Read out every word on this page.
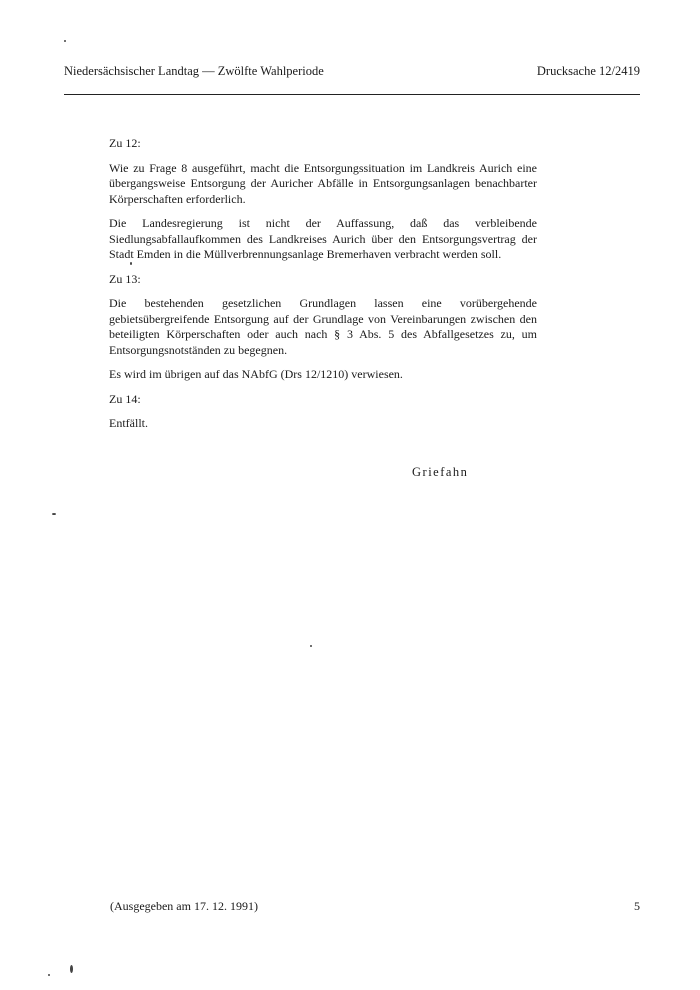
Niedersächsischer Landtag — Zwölfte Wahlperiode	Drucksache 12/2419

Zu 12:

Wie zu Frage 8 ausgeführt, macht die Entsorgungssituation im Landkreis Aurich eine übergangsweise Entsorgung der Auricher Abfälle in Entsorgungsanlagen benachbarter Körperschaften erforderlich.

Die Landesregierung ist nicht der Auffassung, daß das verbleibende Siedlungsabfallaufkommen des Landkreises Aurich über den Entsorgungsvertrag der Stadt Emden in die Müllverbrennungsanlage Bremerhaven verbracht werden soll.

Zu 13:

Die bestehenden gesetzlichen Grundlagen lassen eine vorübergehende gebietsübergreifende Entsorgung auf der Grundlage von Vereinbarungen zwischen den beteiligten Körperschaften oder auch nach § 3 Abs. 5 des Abfallgesetzes zu, um Entsorgungsnotständen zu begegnen.

Es wird im übrigen auf das NAbfG (Drs 12/1210) verwiesen.

Zu 14:

Entfällt.

Griefahn
(Ausgegeben am 17. 12. 1991)	5
